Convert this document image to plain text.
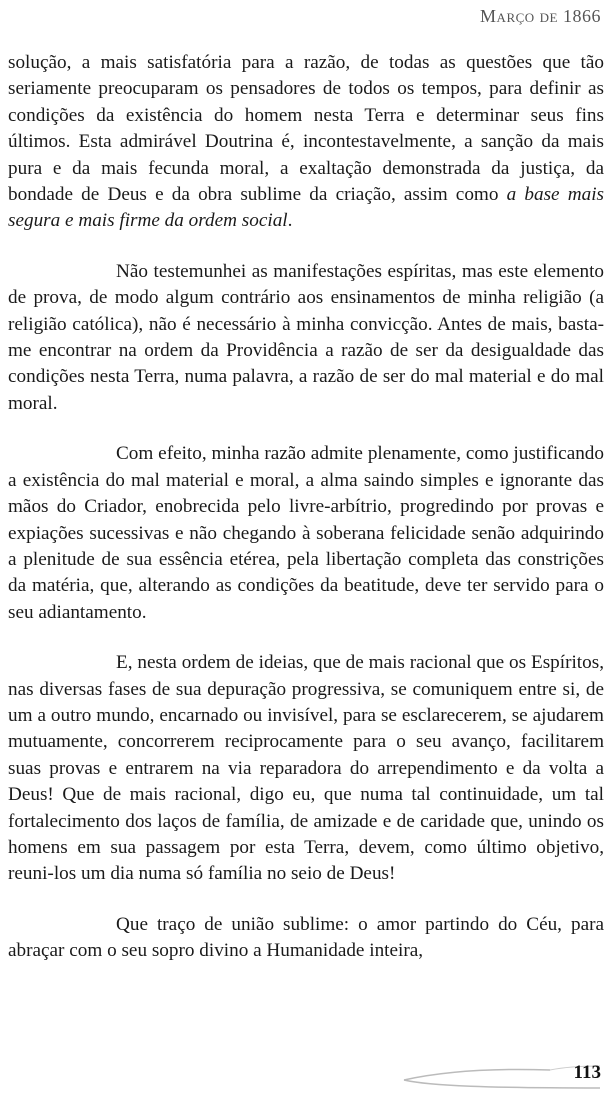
Março de 1866

solução, a mais satisfatória para a razão, de todas as questões que tão seriamente preocuparam os pensadores de todos os tempos, para definir as condições da existência do homem nesta Terra e determinar seus fins últimos. Esta admirável Doutrina é, incontestavelmente, a sanção da mais pura e da mais fecunda moral, a exaltação demonstrada da justiça, da bondade de Deus e da obra sublime da criação, assim como a base mais segura e mais firme da ordem social.

Não testemunhei as manifestações espíritas, mas este elemento de prova, de modo algum contrário aos ensinamentos de minha religião (a religião católica), não é necessário à minha convicção. Antes de mais, basta-me encontrar na ordem da Providência a razão de ser da desigualdade das condições nesta Terra, numa palavra, a razão de ser do mal material e do mal moral.

Com efeito, minha razão admite plenamente, como justificando a existência do mal material e moral, a alma saindo simples e ignorante das mãos do Criador, enobrecida pelo livre-arbítrio, progredindo por provas e expiações sucessivas e não chegando à soberana felicidade senão adquirindo a plenitude de sua essência etérea, pela libertação completa das constrições da matéria, que, alterando as condições da beatitude, deve ter servido para o seu adiantamento.

E, nesta ordem de ideias, que de mais racional que os Espíritos, nas diversas fases de sua depuração progressiva, se comuniquem entre si, de um a outro mundo, encarnado ou invisível, para se esclarecerem, se ajudarem mutuamente, concorrerem reciprocamente para o seu avanço, facilitarem suas provas e entrarem na via reparadora do arrependimento e da volta a Deus! Que de mais racional, digo eu, que numa tal continuidade, um tal fortalecimento dos laços de família, de amizade e de caridade que, unindo os homens em sua passagem por esta Terra, devem, como último objetivo, reuni-los um dia numa só família no seio de Deus!

Que traço de união sublime: o amor partindo do Céu, para abraçar com o seu sopro divino a Humanidade inteira,

113
